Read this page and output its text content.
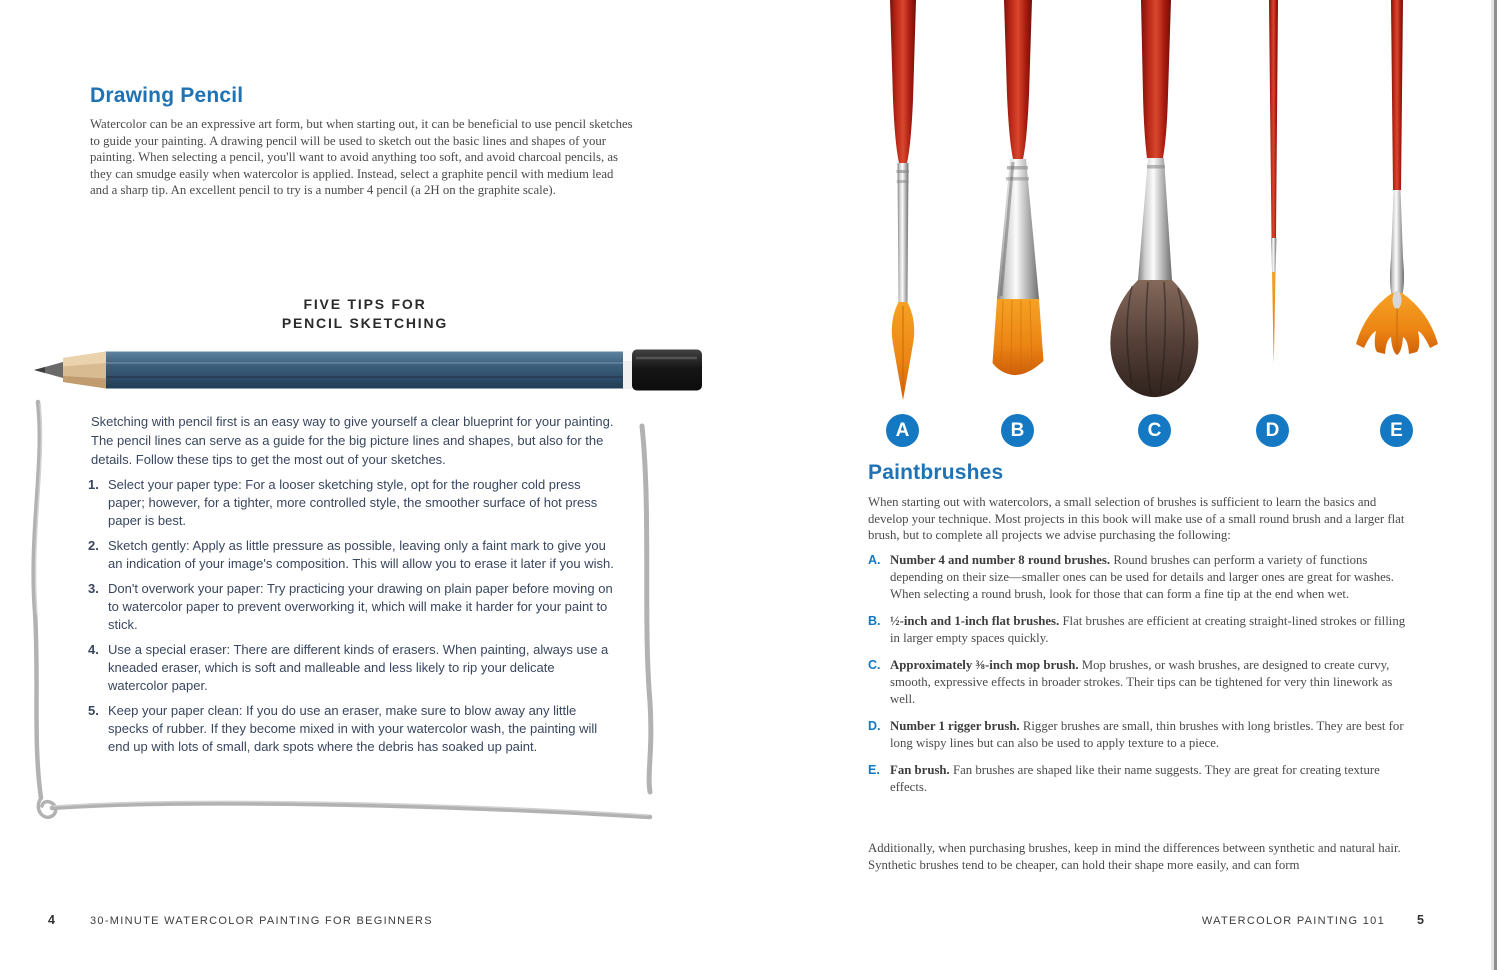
Drawing Pencil

Watercolor can be an expressive art form, but when starting out, it can be beneficial to use pencil sketches to guide your painting. A drawing pencil will be used to sketch out the basic lines and shapes of your painting. When selecting a pencil, you'll want to avoid anything too soft, and avoid charcoal pencils, as they can smudge easily when watercolor is applied. Instead, select a graphite pencil with medium lead and a sharp tip. An excellent pencil to try is a number 4 pencil (a 2H on the graphite scale).

FIVE TIPS FOR
PENCIL SKETCHING

Sketching with pencil first is an easy way to give yourself a clear blueprint for your painting. The pencil lines can serve as a guide for the big picture lines and shapes, but also for the details. Follow these tips to get the most out of your sketches.

1. Select your paper type: For a looser sketching style, opt for the rougher cold press paper; however, for a tighter, more controlled style, the smoother surface of hot press paper is best.
2. Sketch gently: Apply as little pressure as possible, leaving only a faint mark to give you an indication of your image's composition. This will allow you to erase it later if you wish.
3. Don't overwork your paper: Try practicing your drawing on plain paper before moving on to watercolor paper to prevent overworking it, which will make it harder for your paint to stick.
4. Use a special eraser: There are different kinds of erasers. When painting, always use a kneaded eraser, which is soft and malleable and less likely to rip your delicate watercolor paper.
5. Keep your paper clean: If you do use an eraser, make sure to blow away any little specks of rubber. If they become mixed in with your watercolor wash, the painting will end up with lots of small, dark spots where the debris has soaked up paint.
4	30-MINUTE WATERCOLOR PAINTING FOR BEGINNERS
A	B	C	D	E
Paintbrushes

When starting out with watercolors, a small selection of brushes is sufficient to learn the basics and develop your technique. Most projects in this book will make use of a small round brush and a larger flat brush, but to complete all projects we advise purchasing the following:

A. Number 4 and number 8 round brushes. Round brushes can perform a variety of functions depending on their size—smaller ones can be used for details and larger ones are great for washes. When selecting a round brush, look for those that can form a fine tip at the end when wet.

B. ½-inch and 1-inch flat brushes. Flat brushes are efficient at creating straight-lined strokes or filling in larger empty spaces quickly.

C. Approximately ⅜-inch mop brush. Mop brushes, or wash brushes, are designed to create curvy, smooth, expressive effects in broader strokes. Their tips can be tightened for very thin linework as well.

D. Number 1 rigger brush. Rigger brushes are small, thin brushes with long bristles. They are best for long wispy lines but can also be used to apply texture to a piece.

E. Fan brush. Fan brushes are shaped like their name suggests. They are great for creating texture effects.

Additionally, when purchasing brushes, keep in mind the differences between synthetic and natural hair. Synthetic brushes tend to be cheaper, can hold their shape more easily, and can form

WATERCOLOR PAINTING 101	5
